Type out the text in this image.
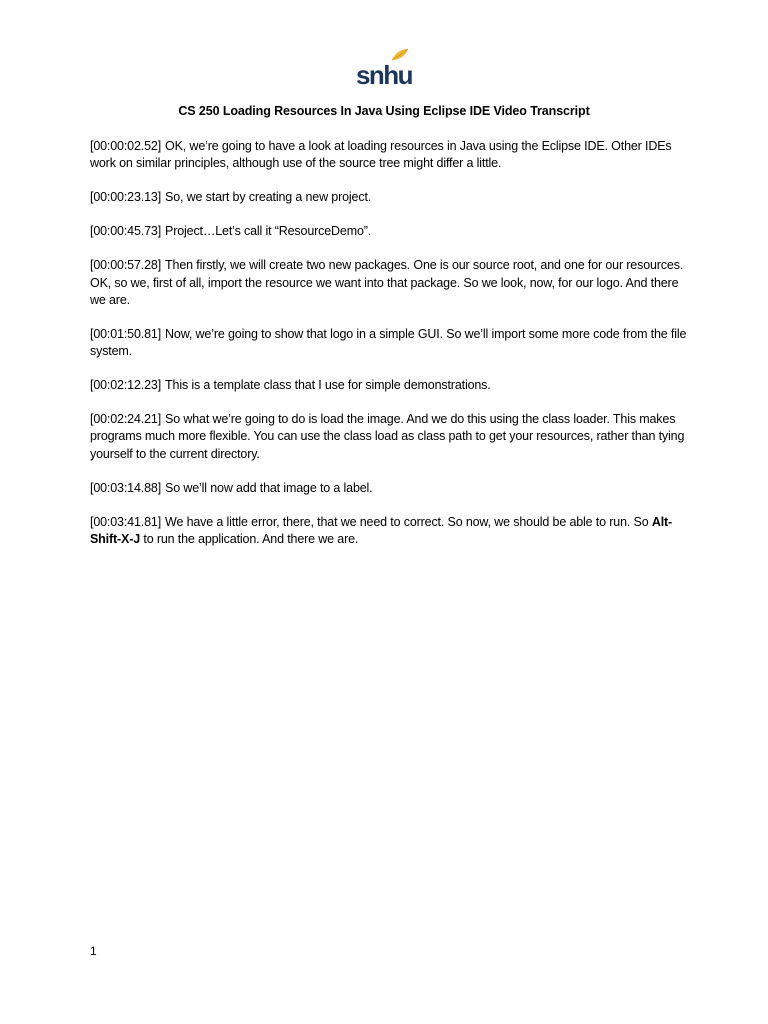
snhu
CS 250 Loading Resources In Java Using Eclipse IDE Video Transcript

[00:00:02.52] OK, we’re going to have a look at loading resources in Java using the Eclipse IDE. Other IDEs work on similar principles, although use of the source tree might differ a little.

[00:00:23.13] So, we start by creating a new project.

[00:00:45.73] Project…Let’s call it “ResourceDemo”.

[00:00:57.28] Then firstly, we will create two new packages. One is our source root, and one for our resources. OK, so we, first of all, import the resource we want into that package. So we look, now, for our logo. And there we are.

[00:01:50.81] Now, we’re going to show that logo in a simple GUI. So we’ll import some more code from the file system.

[00:02:12.23] This is a template class that I use for simple demonstrations.

[00:02:24.21] So what we’re going to do is load the image. And we do this using the class loader. This makes programs much more flexible. You can use the class load as class path to get your resources, rather than tying yourself to the current directory.

[00:03:14.88] So we’ll now add that image to a label.

[00:03:41.81] We have a little error, there, that we need to correct. So now, we should be able to run. So Alt-Shift-X-J to run the application. And there we are.

1
